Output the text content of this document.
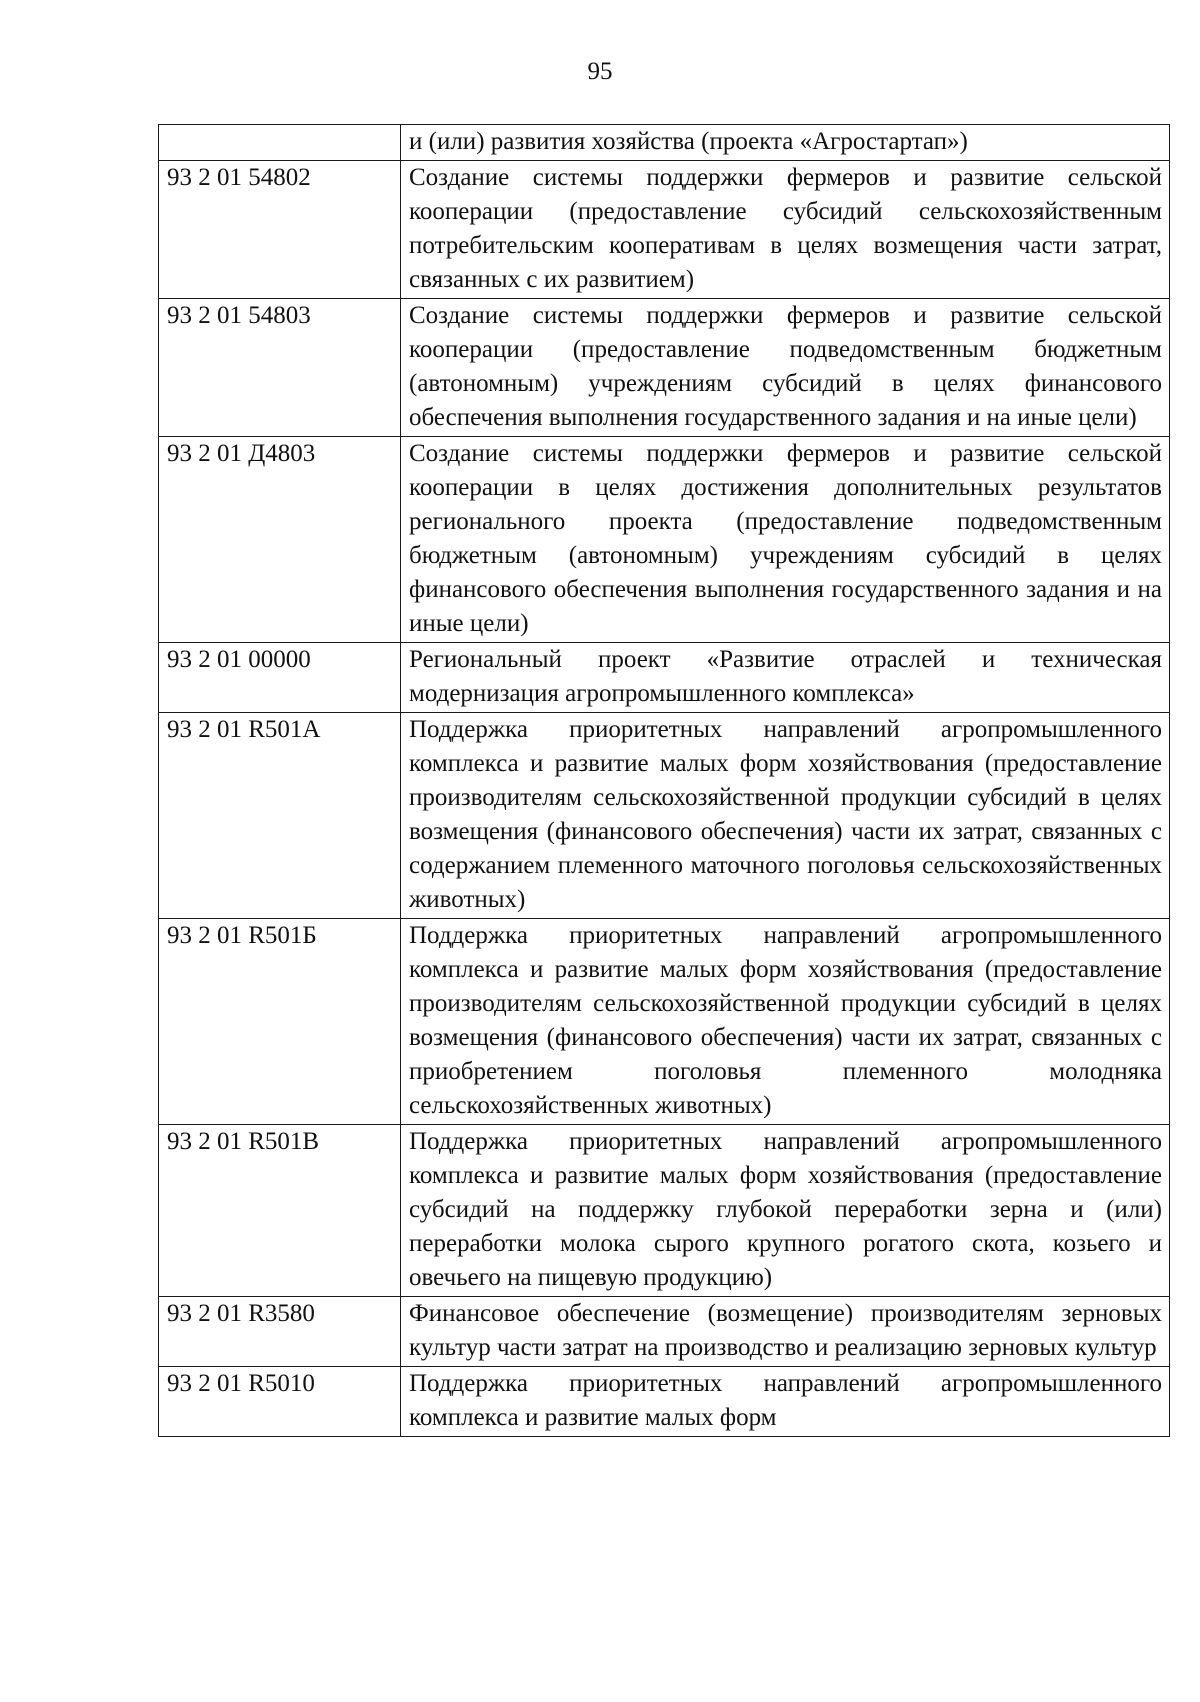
95
	и (или) развития хозяйства (проекта «Агростартап»)
93 2 01 54802	Создание системы поддержки фермеров и развитие сельской кооперации (предоставление субсидий сельскохозяйственным потребительским кооперативам в целях возмещения части затрат, связанных с их развитием)
93 2 01 54803	Создание системы поддержки фермеров и развитие сельской кооперации (предоставление подведомственным бюджетным (автономным) учреждениям субсидий в целях финансового обеспечения выполнения государственного задания и на иные цели)
93 2 01 Д4803	Создание системы поддержки фермеров и развитие сельской кооперации в целях достижения дополнительных результатов регионального проекта (предоставление подведомственным бюджетным (автономным) учреждениям субсидий в целях финансового обеспечения выполнения государственного задания и на иные цели)
93 2 01 00000	Региональный проект «Развитие отраслей и техническая модернизация агропромышленного комплекса»
93 2 01 R501А	Поддержка приоритетных направлений агропромышленного комплекса и развитие малых форм хозяйствования (предоставление производителям сельскохозяйственной продукции субсидий в целях возмещения (финансового обеспечения) части их затрат, связанных с содержанием племенного маточного поголовья сельскохозяйственных животных)
93 2 01 R501Б	Поддержка приоритетных направлений агропромышленного комплекса и развитие малых форм хозяйствования (предоставление производителям сельскохозяйственной продукции субсидий в целях возмещения (финансового обеспечения) части их затрат, связанных с приобретением поголовья племенного молодняка сельскохозяйственных животных)
93 2 01 R501В	Поддержка приоритетных направлений агропромышленного комплекса и развитие малых форм хозяйствования (предоставление субсидий на поддержку глубокой переработки зерна и (или) переработки молока сырого крупного рогатого скота, козьего и овечьего на пищевую продукцию)
93 2 01 R3580	Финансовое обеспечение (возмещение) производителям зерновых культур части затрат на производство и реализацию зерновых культур
93 2 01 R5010	Поддержка приоритетных направлений агропромышленного комплекса и развитие малых форм
